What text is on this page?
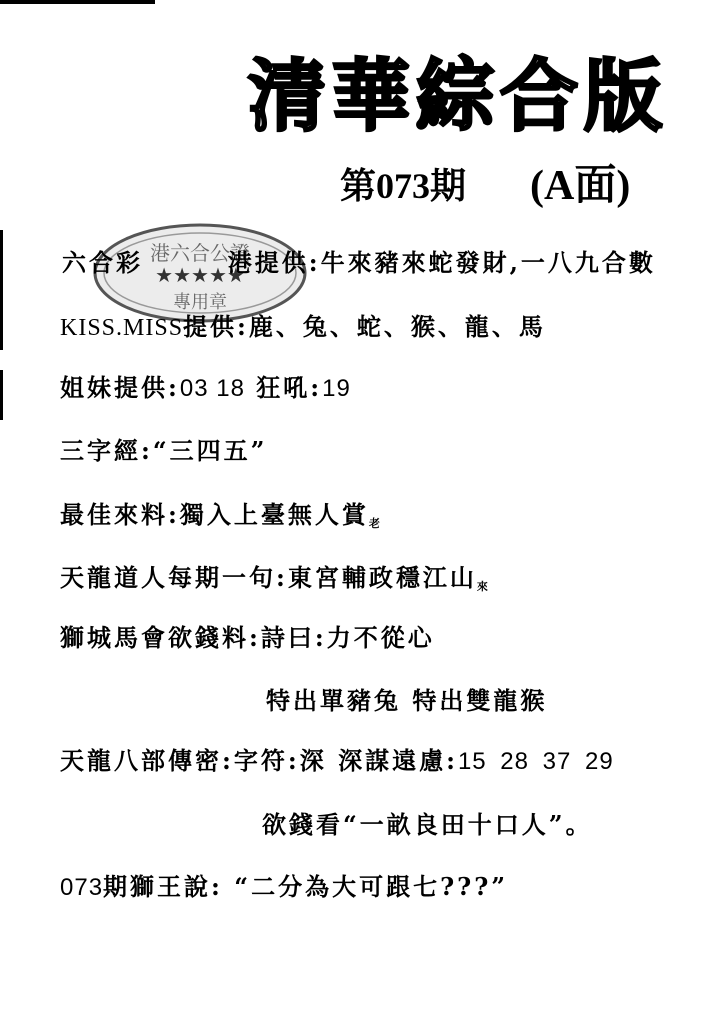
清華綜合版
第073期 (A面)
港六合公證
★★★★★
專用章
六合彩	港提供:牛來豬來蛇發財,一八九合數
KISS.MISS提供:鹿、兔、蛇、猴、龍、馬
姐妹提供:03 18 狂吼:19
三字經:“三四五”
最佳來料:獨入上臺無人賞老
天龍道人每期一句:東宮輔政穩江山來
獅城馬會欲錢料:詩曰:力不從心
特出單豬兔 特出雙龍猴
天龍八部傳密:字符:深 深謀遠慮:15 28 37 29
欲錢看“一畝良田十口人”。
073期獅王說: “二分為大可跟七???”
